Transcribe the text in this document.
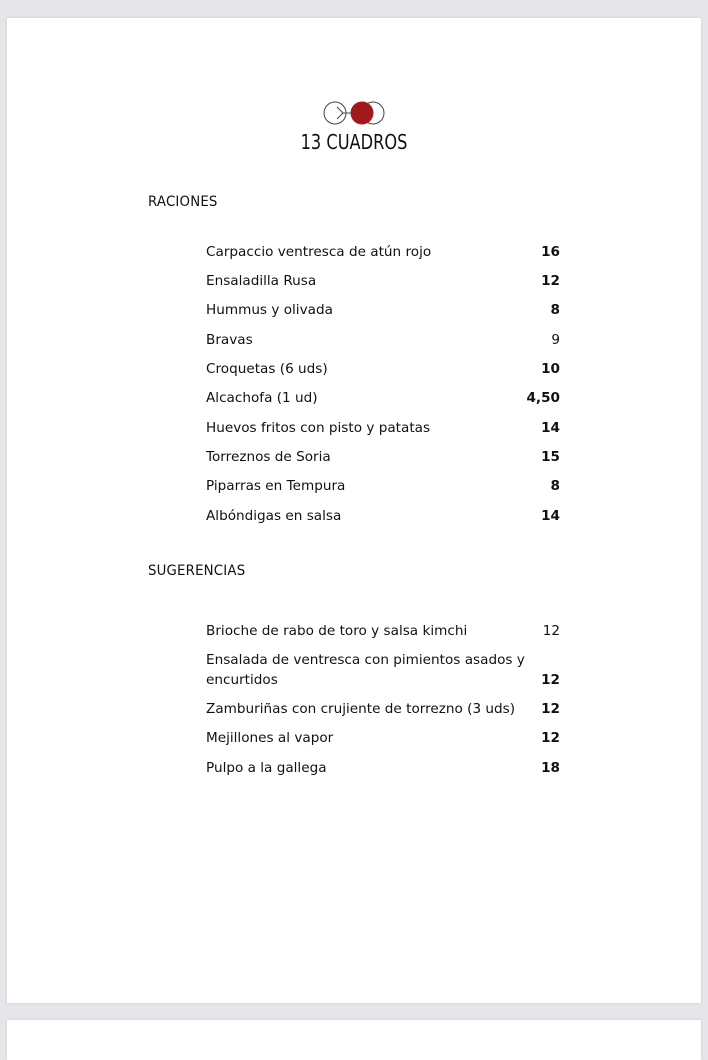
13 CUADROS
RACIONES
Carpaccio ventresca de atún rojo	16
Ensaladilla Rusa	12
Hummus y olivada	8
Bravas	9
Croquetas (6 uds)	10
Alcachofa (1 ud)	4,50
Huevos fritos con pisto y patatas	14
Torreznos de Soria	15
Piparras en Tempura	8
Albóndigas en salsa	14
SUGERENCIAS
Brioche de rabo de toro y salsa kimchi	12
Ensalada de ventresca con pimientos asados y encurtidos	12
Zamburiñas con crujiente de torrezno (3 uds) 12
Mejillones al vapor	12
Pulpo a la gallega	18
